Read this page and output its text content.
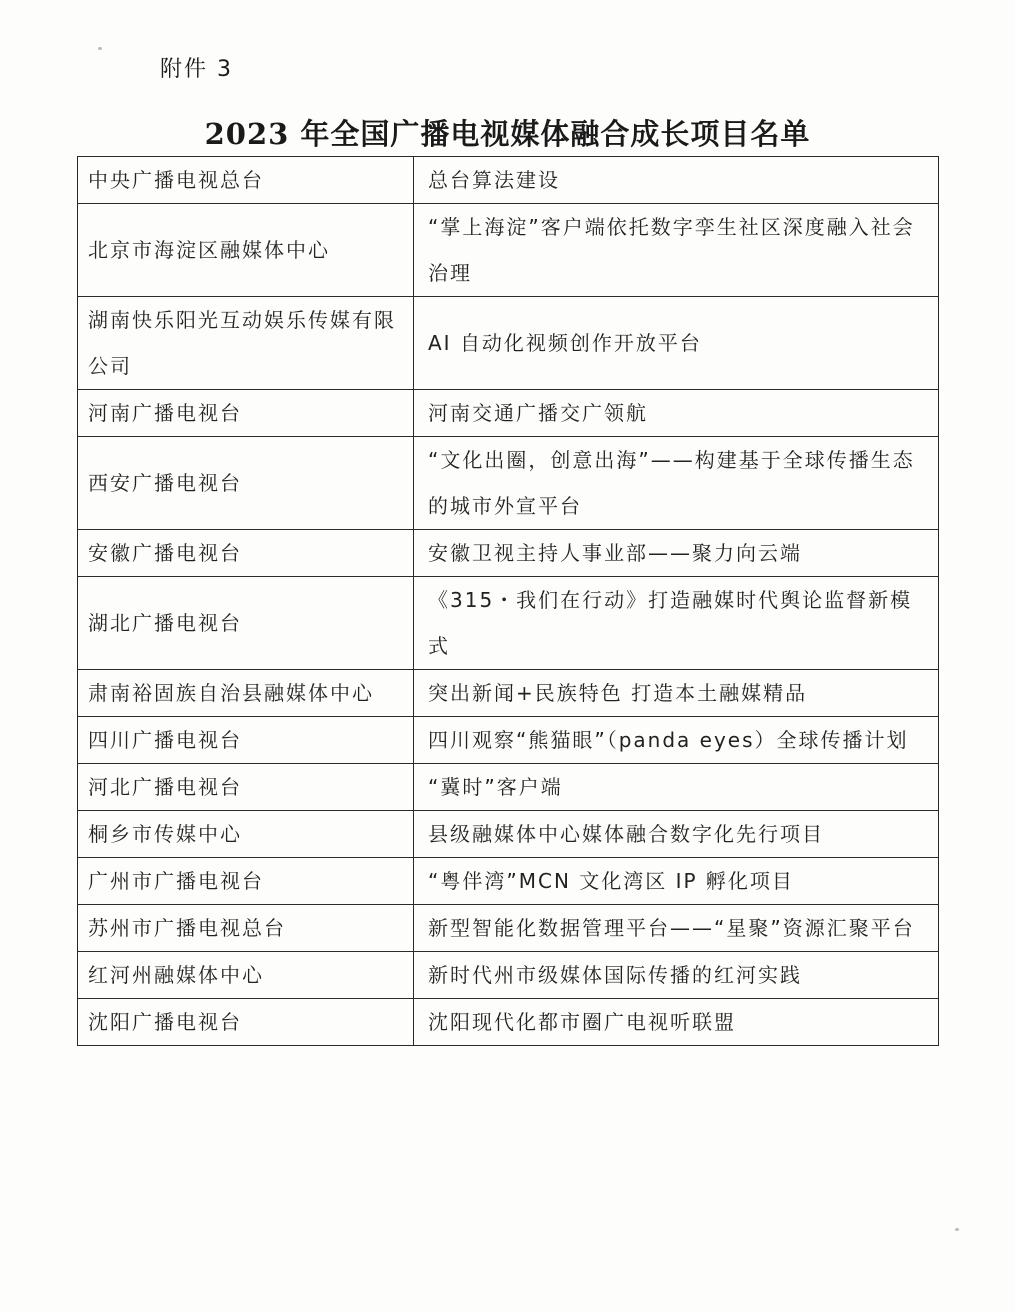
附件 3
2023 年全国广播电视媒体融合成长项目名单
中央广播电视总台	总台算法建设
北京市海淀区融媒体中心	“掌上海淀”客户端依托数字孪生社区深度融入社会治理
湖南快乐阳光互动娱乐传媒有限公司	AI 自动化视频创作开放平台
河南广播电视台	河南交通广播交广领航
西安广播电视台	“文化出圈，创意出海”——构建基于全球传播生态的城市外宣平台
安徽广播电视台	安徽卫视主持人事业部——聚力向云端
湖北广播电视台	《315・我们在行动》打造融媒时代舆论监督新模式
肃南裕固族自治县融媒体中心	突出新闻+民族特色 打造本土融媒精品
四川广播电视台	四川观察“熊猫眼”（panda eyes）全球传播计划
河北广播电视台	“冀时”客户端
桐乡市传媒中心	县级融媒体中心媒体融合数字化先行项目
广州市广播电视台	“粤伴湾”MCN 文化湾区 IP 孵化项目
苏州市广播电视总台	新型智能化数据管理平台——“星聚”资源汇聚平台
红河州融媒体中心	新时代州市级媒体国际传播的红河实践
沈阳广播电视台	沈阳现代化都市圈广电视听联盟
